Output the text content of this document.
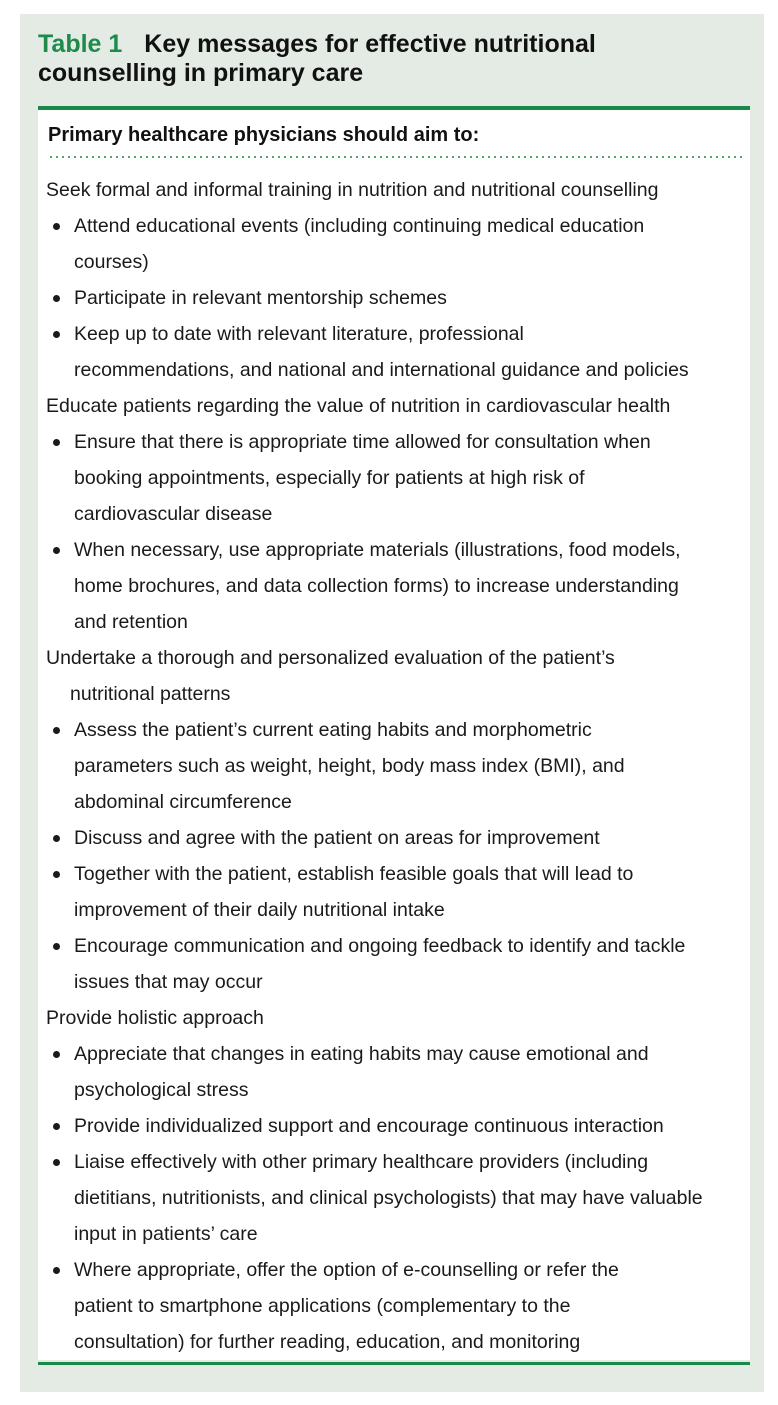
Table 1 Key messages for effective nutritional
counselling in primary care
Primary healthcare physicians should aim to:
Seek formal and informal training in nutrition and nutritional counselling
Attend educational events (including continuing medical education
courses)
Participate in relevant mentorship schemes
Keep up to date with relevant literature, professional
recommendations, and national and international guidance and policies
Educate patients regarding the value of nutrition in cardiovascular health
Ensure that there is appropriate time allowed for consultation when
booking appointments, especially for patients at high risk of
cardiovascular disease
When necessary, use appropriate materials (illustrations, food models,
home brochures, and data collection forms) to increase understanding
and retention
Undertake a thorough and personalized evaluation of the patient’s
nutritional patterns
Assess the patient’s current eating habits and morphometric
parameters such as weight, height, body mass index (BMI), and
abdominal circumference
Discuss and agree with the patient on areas for improvement
Together with the patient, establish feasible goals that will lead to
improvement of their daily nutritional intake
Encourage communication and ongoing feedback to identify and tackle
issues that may occur
Provide holistic approach
Appreciate that changes in eating habits may cause emotional and
psychological stress
Provide individualized support and encourage continuous interaction
Liaise effectively with other primary healthcare providers (including
dietitians, nutritionists, and clinical psychologists) that may have valuable
input in patients’ care
Where appropriate, offer the option of e-counselling or refer the
patient to smartphone applications (complementary to the
consultation) for further reading, education, and monitoring
